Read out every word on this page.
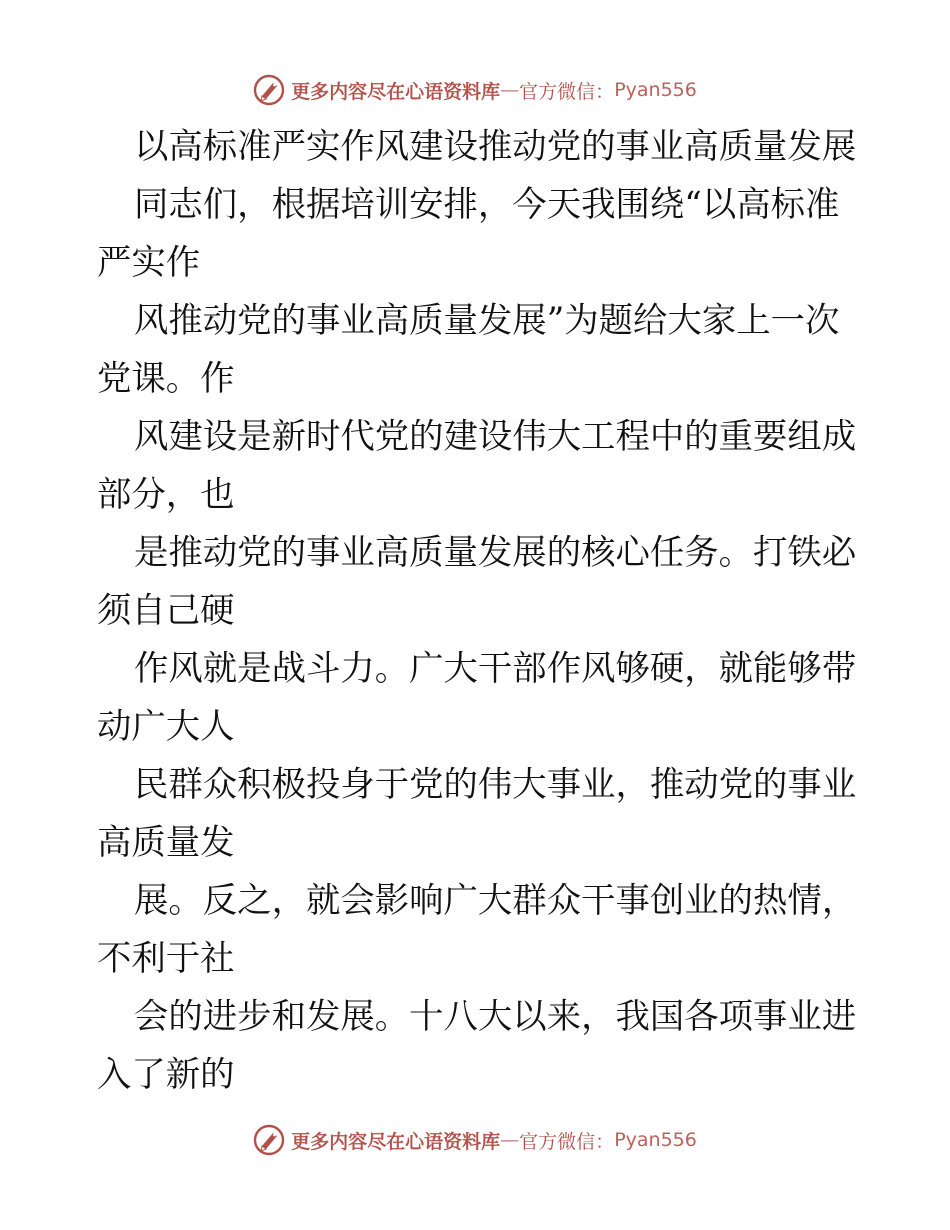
更多内容尽在心语资料库 — 官方微信： Pyan556
以高标准严实作风建设推动党的事业高质量发展
同志们，根据培训安排，今天我围绕“以高标准
严实作
风推动党的事业高质量发展”为题给大家上一次
党课。作
风建设是新时代党的建设伟大工程中的重要组成
部分，也
是推动党的事业高质量发展的核心任务。打铁必
须自己硬
作风就是战斗力。广大干部作风够硬，就能够带
动广大人
民群众积极投身于党的伟大事业，推动党的事业
高质量发
展。反之，就会影响广大群众干事创业的热情，
不利于社
会的进步和发展。十八大以来，我国各项事业进
入了新的
更多内容尽在心语资料库 — 官方微信： Pyan556
